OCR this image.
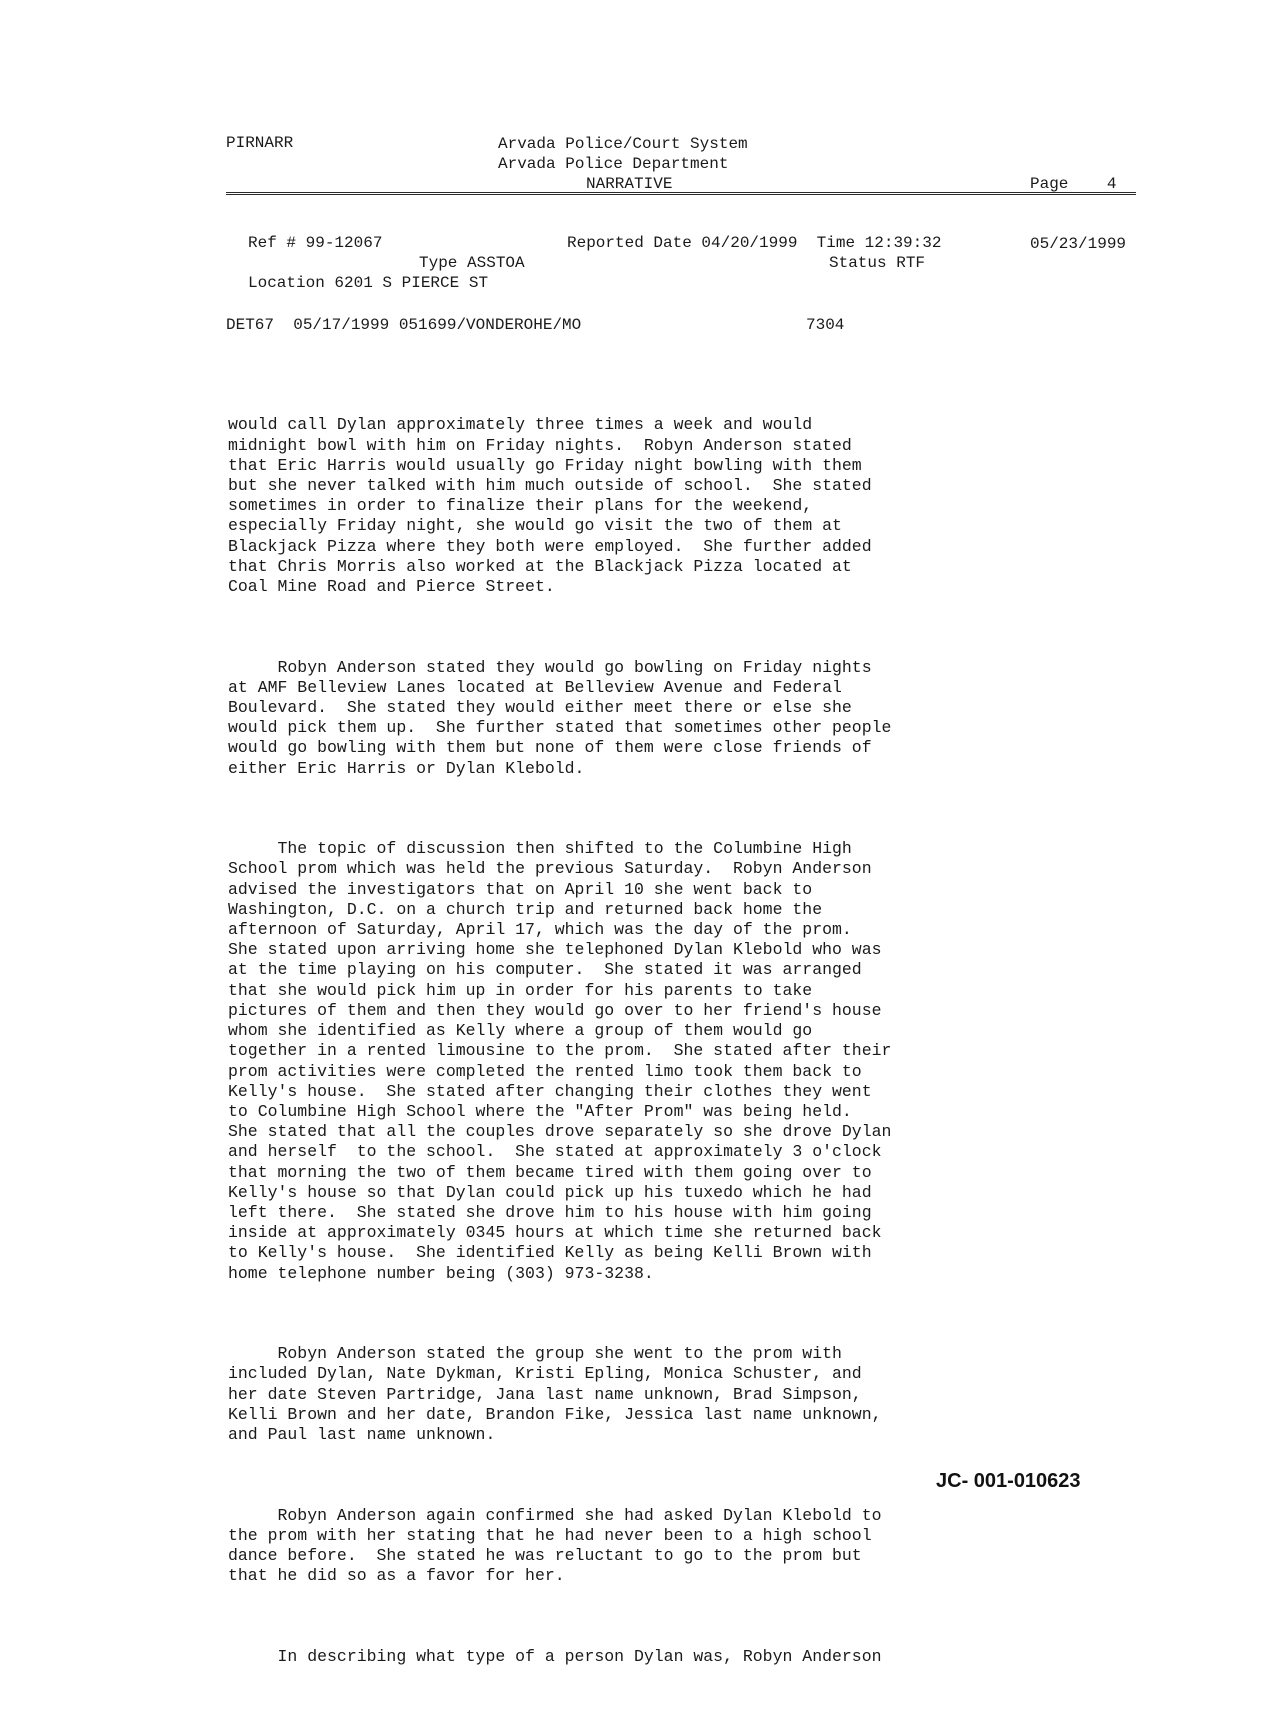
PIRNARR	Arvada Police/Court System
Arvada Police Department
NARRATIVE

	Page    4

05/23/1999

Ref # 99-12067	Reported Date 04/20/1999  Time 12:39:32
Type ASSTOA	Status RTF
Location 6201 S PIERCE ST
DET67  05/17/1999 051699/VONDEROHE/MO	7304

would call Dylan approximately three times a week and would
midnight bowl with him on Friday nights.  Robyn Anderson stated
that Eric Harris would usually go Friday night bowling with them
but she never talked with him much outside of school.  She stated
sometimes in order to finalize their plans for the weekend,
especially Friday night, she would go visit the two of them at
Blackjack Pizza where they both were employed.  She further added
that Chris Morris also worked at the Blackjack Pizza located at
Coal Mine Road and Pierce Street.

Robyn Anderson stated they would go bowling on Friday nights
at AMF Belleview Lanes located at Belleview Avenue and Federal
Boulevard.  She stated they would either meet there or else she
would pick them up.  She further stated that sometimes other people
would go bowling with them but none of them were close friends of
either Eric Harris or Dylan Klebold.

The topic of discussion then shifted to the Columbine High
School prom which was held the previous Saturday.  Robyn Anderson
advised the investigators that on April 10 she went back to
Washington, D.C. on a church trip and returned back home the
afternoon of Saturday, April 17, which was the day of the prom.
She stated upon arriving home she telephoned Dylan Klebold who was
at the time playing on his computer.  She stated it was arranged
that she would pick him up in order for his parents to take
pictures of them and then they would go over to her friend's house
whom she identified as Kelly where a group of them would go
together in a rented limousine to the prom.  She stated after their
prom activities were completed the rented limo took them back to
Kelly's house.  She stated after changing their clothes they went
to Columbine High School where the "After Prom" was being held.
She stated that all the couples drove separately so she drove Dylan
and herself  to the school.  She stated at approximately 3 o'clock
that morning the two of them became tired with them going over to
Kelly's house so that Dylan could pick up his tuxedo which he had
left there.  She stated she drove him to his house with him going
inside at approximately 0345 hours at which time she returned back
to Kelly's house.  She identified Kelly as being Kelli Brown with
home telephone number being (303) 973-3238.

Robyn Anderson stated the group she went to the prom with
included Dylan, Nate Dykman, Kristi Epling, Monica Schuster, and
her date Steven Partridge, Jana last name unknown, Brad Simpson,
Kelli Brown and her date, Brandon Fike, Jessica last name unknown,
and Paul last name unknown.

Robyn Anderson again confirmed she had asked Dylan Klebold to
the prom with her stating that he had never been to a high school
dance before.  She stated he was reluctant to go to the prom but
that he did so as a favor for her.

In describing what type of a person Dylan was, Robyn Anderson

JC- 001-010623
